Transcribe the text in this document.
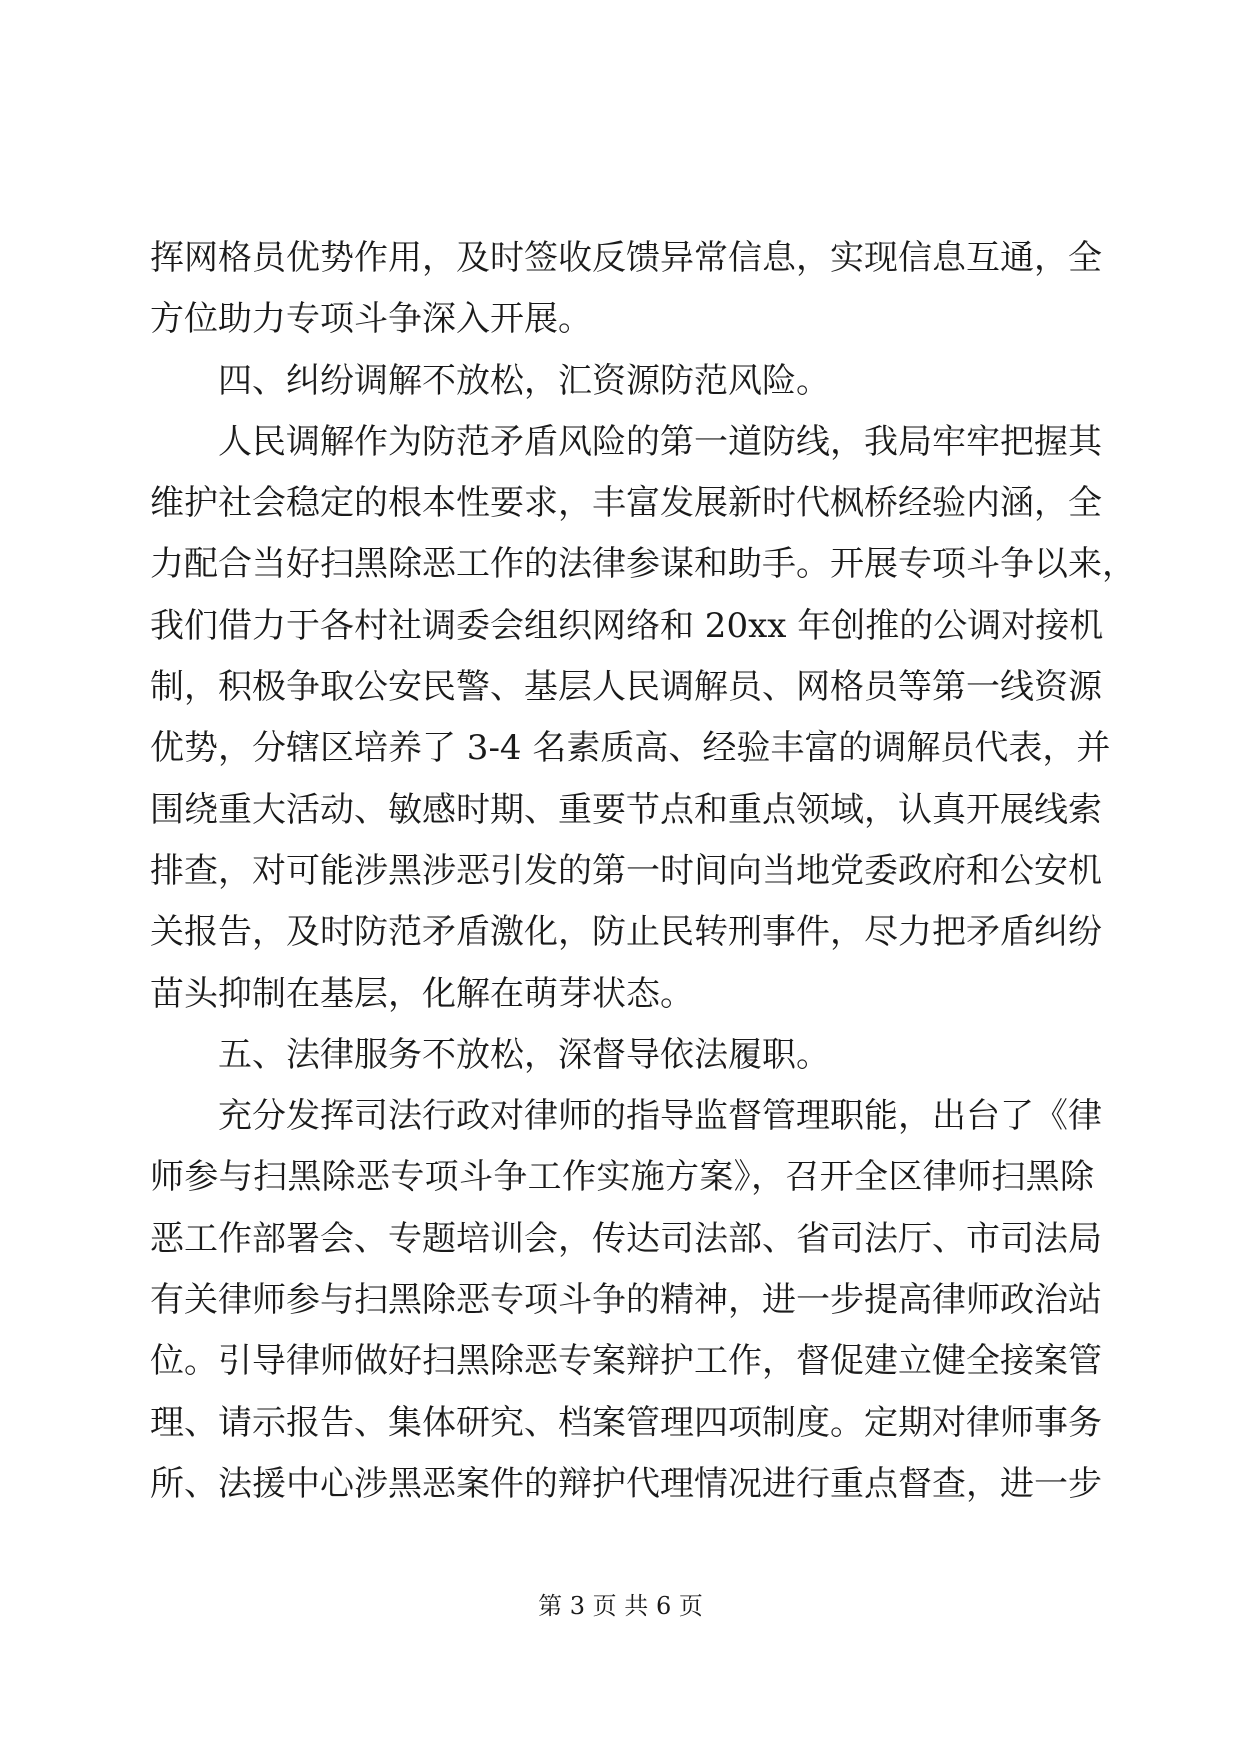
挥网格员优势作用，及时签收反馈异常信息，实现信息互通，全
方位助力专项斗争深入开展。
四、纠纷调解不放松，汇资源防范风险。
人民调解作为防范矛盾风险的第一道防线，我局牢牢把握其
维护社会稳定的根本性要求，丰富发展新时代枫桥经验内涵，全
力配合当好扫黑除恶工作的法律参谋和助手。开展专项斗争以来，
我们借力于各村社调委会组织网络和 20xx 年创推的公调对接机
制，积极争取公安民警、基层人民调解员、网格员等第一线资源
优势，分辖区培养了 3-4 名素质高、经验丰富的调解员代表，并
围绕重大活动、敏感时期、重要节点和重点领域，认真开展线索
排查，对可能涉黑涉恶引发的第一时间向当地党委政府和公安机
关报告，及时防范矛盾激化，防止民转刑事件，尽力把矛盾纠纷
苗头抑制在基层，化解在萌芽状态。
五、法律服务不放松，深督导依法履职。
充分发挥司法行政对律师的指导监督管理职能，出台了《律
师参与扫黑除恶专项斗争工作实施方案》，召开全区律师扫黑除
恶工作部署会、专题培训会，传达司法部、省司法厅、市司法局
有关律师参与扫黑除恶专项斗争的精神，进一步提高律师政治站
位。引导律师做好扫黑除恶专案辩护工作，督促建立健全接案管
理、请示报告、集体研究、档案管理四项制度。定期对律师事务
所、法援中心涉黑恶案件的辩护代理情况进行重点督查，进一步
第 3 页 共 6 页
